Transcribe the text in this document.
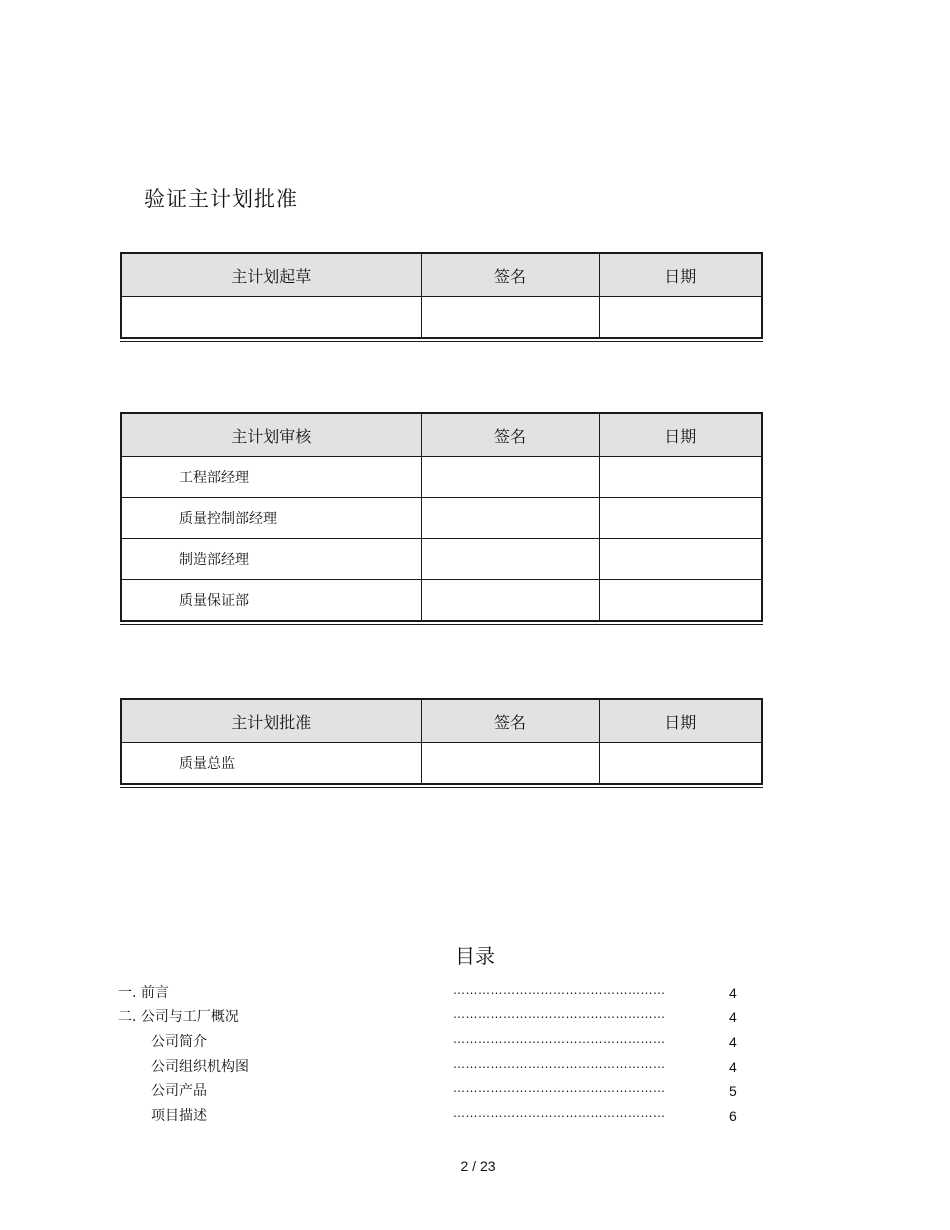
验证主计划批准
主计划起草	签名	日期

主计划审核	签名	日期
工程部经理		
质量控制部经理		
制造部经理		
质量保证部		
主计划批准	签名	日期
质量总监		
目录
一. 前言	……………………………………………	4
二. 公司与工厂概况	……………………………………………	4
公司简介	……………………………………………	4
公司组织机构图	……………………………………………	4
公司产品	……………………………………………	5
项目描述	……………………………………………	6
2 / 23
